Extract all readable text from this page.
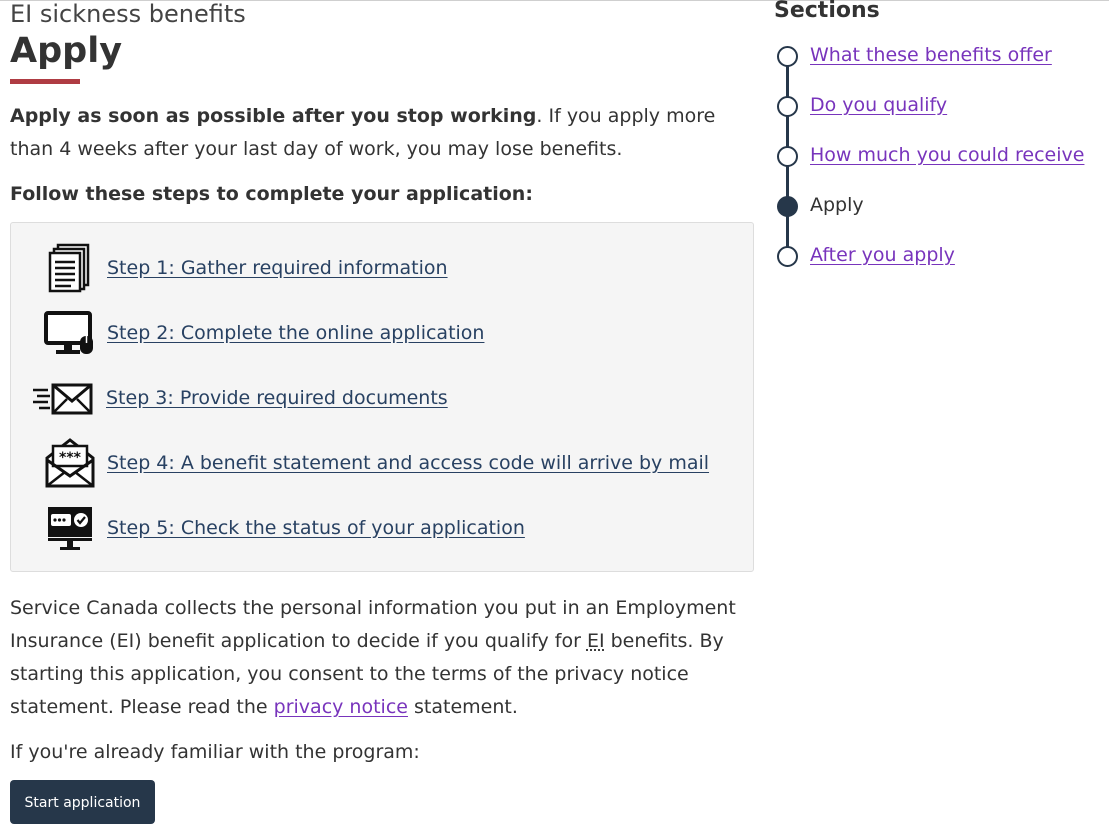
EI sickness benefits
Apply

Apply as soon as possible after you stop working. If you apply more than 4 weeks after your last day of work, you may lose benefits.

Follow these steps to complete your application:

Step 1: Gather required information
Step 2: Complete the online application
Step 3: Provide required documents
*** Step 4: A benefit statement and access code will arrive by mail
Step 5: Check the status of your application

Service Canada collects the personal information you put in an Employment Insurance (EI) benefit application to decide if you qualify for EI benefits. By starting this application, you consent to the terms of the privacy notice statement. Please read the privacy notice statement.

If you're already familiar with the program:

Start application
Sections
What these benefits offer
Do you qualify
How much you could receive
Apply
After you apply
